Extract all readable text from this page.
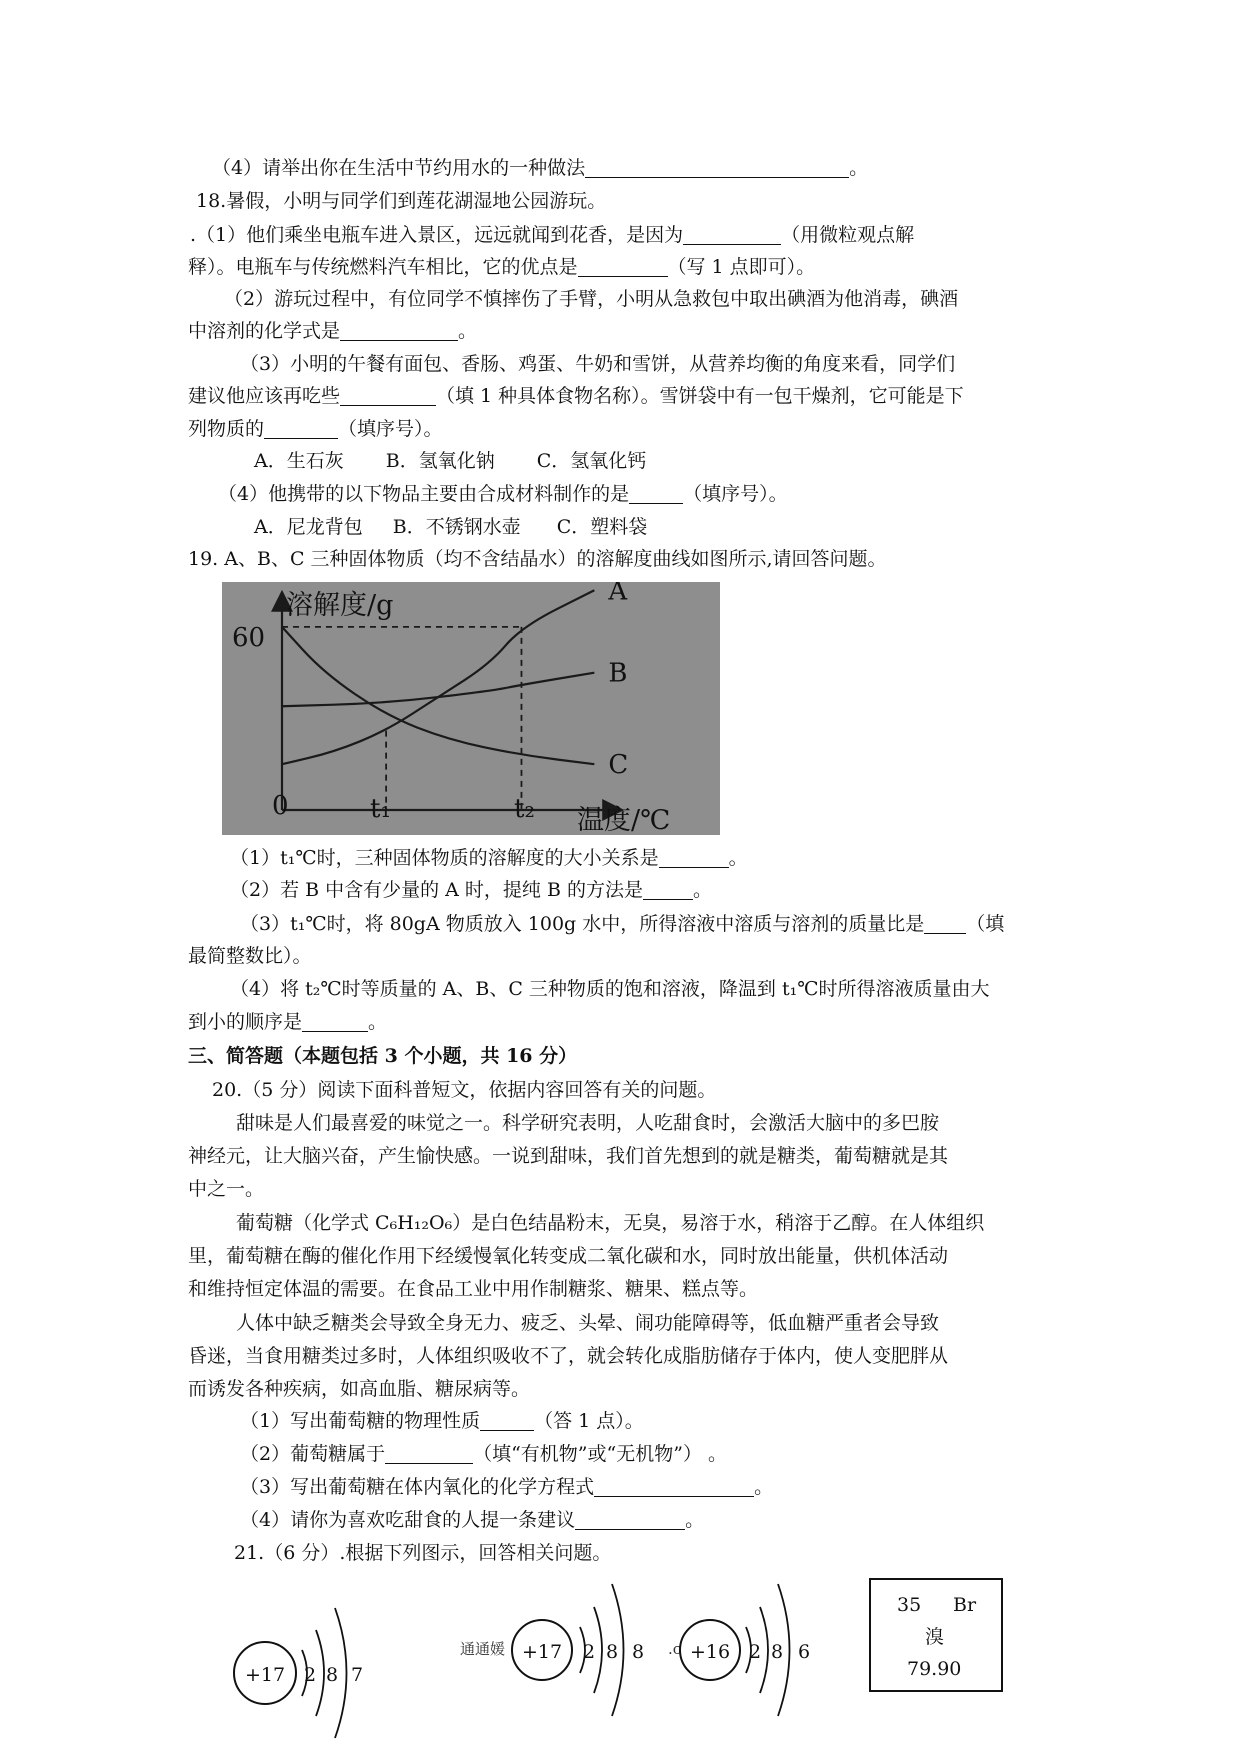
（4）请举出你在生活中节约用水的一种做法	。
18.暑假，小明与同学们到莲花湖湿地公园游玩。
.（1）他们乘坐电瓶车进入景区，远远就闻到花香，是因为	（用微粒观点解
释）。电瓶车与传统燃料汽车相比，它的优点是	（写 1 点即可）。
（2）游玩过程中，有位同学不慎摔伤了手臂，小明从急救包中取出碘酒为他消毒，碘酒
中溶剂的化学式是	。
（3）小明的午餐有面包、香肠、鸡蛋、牛奶和雪饼，从营养均衡的角度来看，同学们
建议他应该再吃些	（填 1 种具体食物名称）。雪饼袋中有一包干燥剂，它可能是下
列物质的	（填序号）。
A．生石灰 B．氢氧化钠 C．氢氧化钙
（4）他携带的以下物品主要由合成材料制作的是	（填序号）。
A．尼龙背包 B．不锈钢水壶 C．塑料袋
19. A、B、C 三种固体物质（均不含结晶水）的溶解度曲线如图所示,请回答问题。
溶解度/g
温度/℃
60
0	t₁	t₂
A
B
C
（1）t₁℃时，三种固体物质的溶解度的大小关系是	。
（2）若 B 中含有少量的 A 时，提纯 B 的方法是	。
（3）t₁℃时，将 80gA 物质放入 100g 水中，所得溶液中溶质与溶剂的质量比是 （填
最简整数比）。
（4）将 t₂℃时等质量的 A、B、C 三种物质的饱和溶液，降温到 t₁℃时所得溶液质量由大
到小的顺序是	。
三、简答题（本题包括 3 个小题，共 16 分）
20.（5 分）阅读下面科普短文，依据内容回答有关的问题。
甜味是人们最喜爱的味觉之一。科学研究表明，人吃甜食时，会激活大脑中的多巴胺
神经元，让大脑兴奋，产生愉快感。一说到甜味，我们首先想到的就是糖类，葡萄糖就是其
中之一。
葡萄糖（化学式 C₆H₁₂O₆）是白色结晶粉末，无臭，易溶于水，稍溶于乙醇。在人体组织
里，葡萄糖在酶的催化作用下经缓慢氧化转变成二氧化碳和水，同时放出能量，供机体活动
和维持恒定体温的需要。在食品工业中用作制糖浆、糖果、糕点等。
人体中缺乏糖类会导致全身无力、疲乏、头晕、闹功能障碍等，低血糖严重者会导致
昏迷，当食用糖类过多时，人体组织吸收不了，就会转化成脂肪储存于体内，使人变肥胖从
而诱发各种疾病，如高血脂、糖尿病等。
（1）写出葡萄糖的物理性质	（答 1 点）。
（2）葡萄糖属于	（填“有机物”或“无机物”） 。
（3）写出葡萄糖在体内氧化的化学方程式	。
（4）请你为喜欢吃甜食的人提一条建议	。
21.（6 分）.根据下列图示，回答相关问题。
+17 2 8 7
通通媛	.c
+17 2 8 8 +16 2 8 6
35 Br
溴
79.90
